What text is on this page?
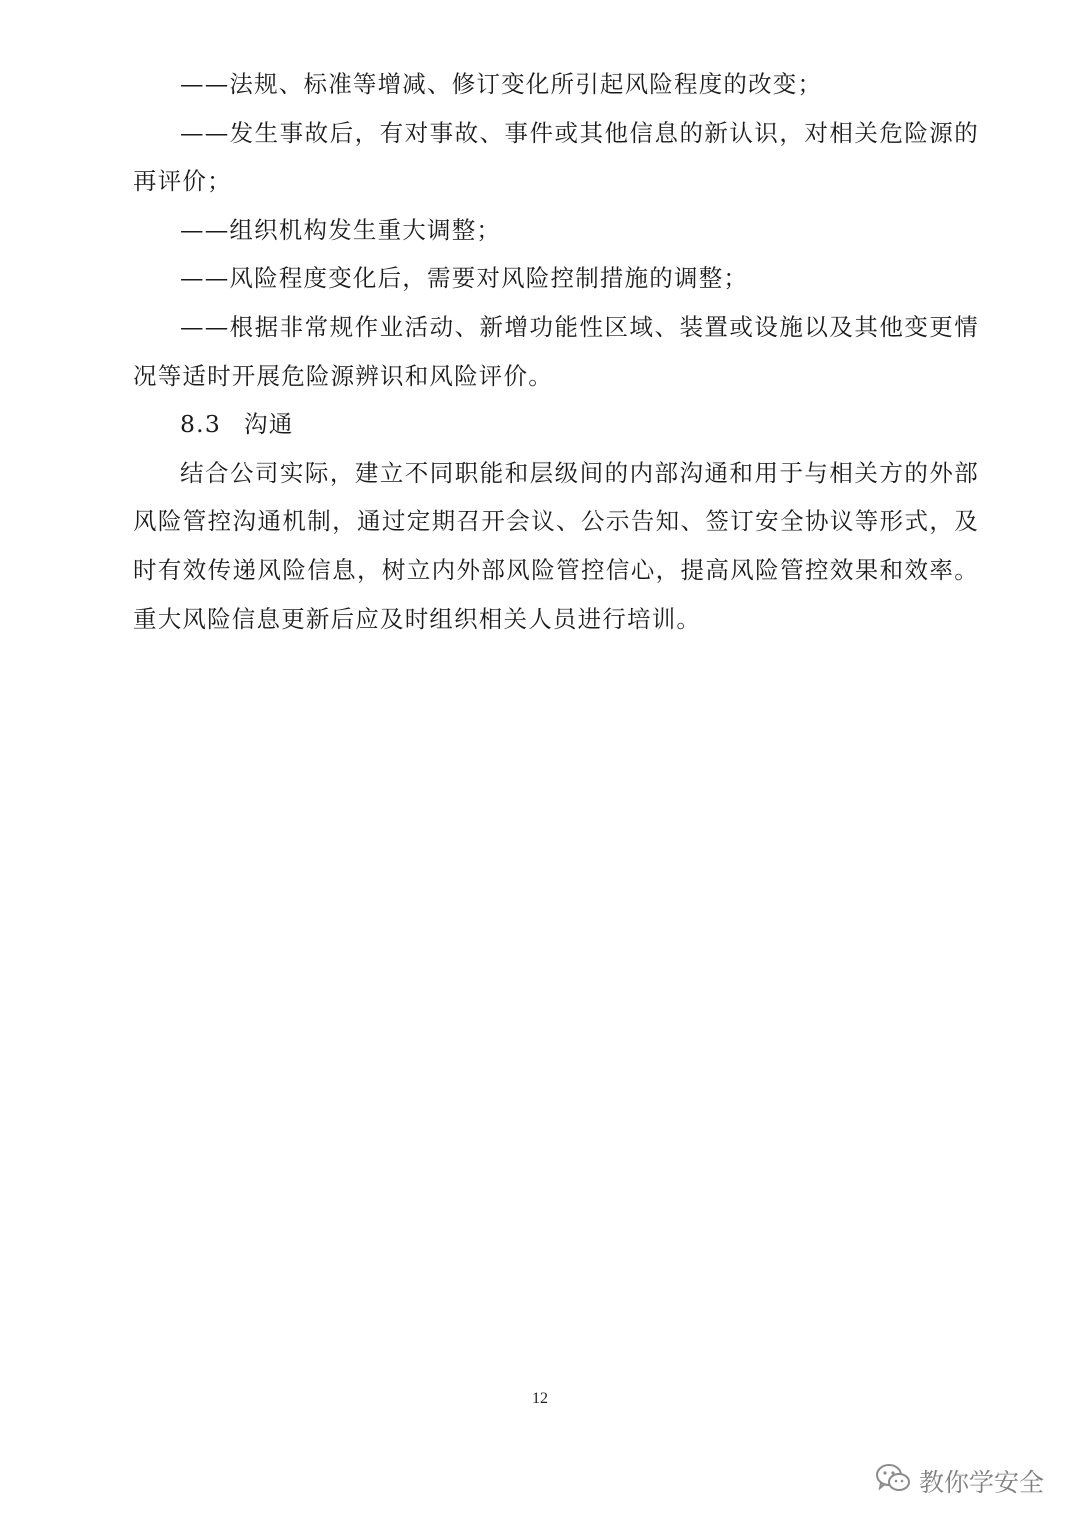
——法规、标准等增减、修订变化所引起风险程度的改变；

——发生事故后，有对事故、事件或其他信息的新认识，对相关危险源的再评价；

——组织机构发生重大调整；

——风险程度变化后，需要对风险控制措施的调整；

——根据非常规作业活动、新增功能性区域、装置或设施以及其他变更情况等适时开展危险源辨识和风险评价。

8.3 沟通

结合公司实际，建立不同职能和层级间的内部沟通和用于与相关方的外部风险管控沟通机制，通过定期召开会议、公示告知、签订安全协议等形式，及时有效传递风险信息，树立内外部风险管控信心，提高风险管控效果和效率。重大风险信息更新后应及时组织相关人员进行培训。

12
教你学安全
